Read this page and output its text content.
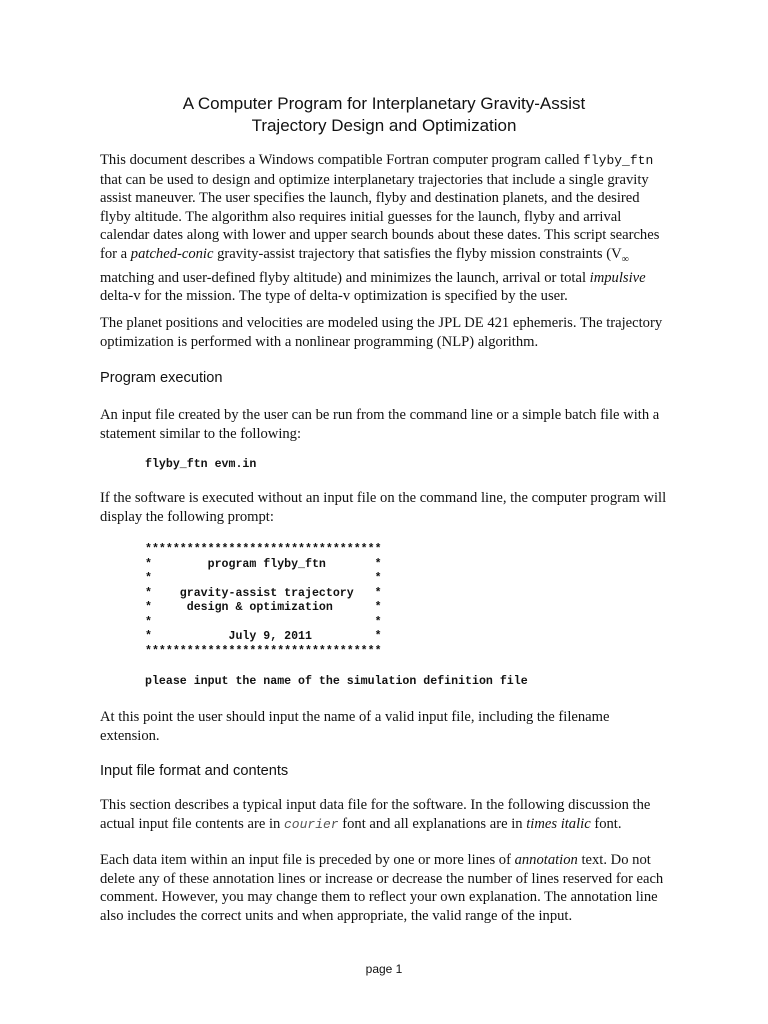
A Computer Program for Interplanetary Gravity-Assist
Trajectory Design and Optimization
This document describes a Windows compatible Fortran computer program called flyby_ftn
that can be used to design and optimize interplanetary trajectories that include a single gravity
assist maneuver. The user specifies the launch, flyby and destination planets, and the desired
flyby altitude. The algorithm also requires initial guesses for the launch, flyby and arrival
calendar dates along with lower and upper search bounds about these dates. This script searches
for a patched-conic gravity-assist trajectory that satisfies the flyby mission constraints ($V_\infty$
matching and user-defined flyby altitude) and minimizes the launch, arrival or total impulsive
delta-v for the mission. The type of delta-v optimization is specified by the user.
The planet positions and velocities are modeled using the JPL DE 421 ephemeris. The trajectory
optimization is performed with a nonlinear programming (NLP) algorithm.
Program execution
An input file created by the user can be run from the command line or a simple batch file with a
statement similar to the following:
flyby_ftn evm.in
If the software is executed without an input file on the command line, the computer program will
display the following prompt:
**********************************
*        program flyby_ftn       *
*                                *
*    gravity-assist trajectory   *
*     design & optimization      *
*                                *
*           July 9, 2011         *
**********************************
please input the name of the simulation definition file
At this point the user should input the name of a valid input file, including the filename
extension.
Input file format and contents
This section describes a typical input data file for the software. In the following discussion the
actual input file contents are in courier font and all explanations are in times italic font.
Each data item within an input file is preceded by one or more lines of annotation text. Do not
delete any of these annotation lines or increase or decrease the number of lines reserved for each
comment. However, you may change them to reflect your own explanation. The annotation line
also includes the correct units and when appropriate, the valid range of the input.
page 1
